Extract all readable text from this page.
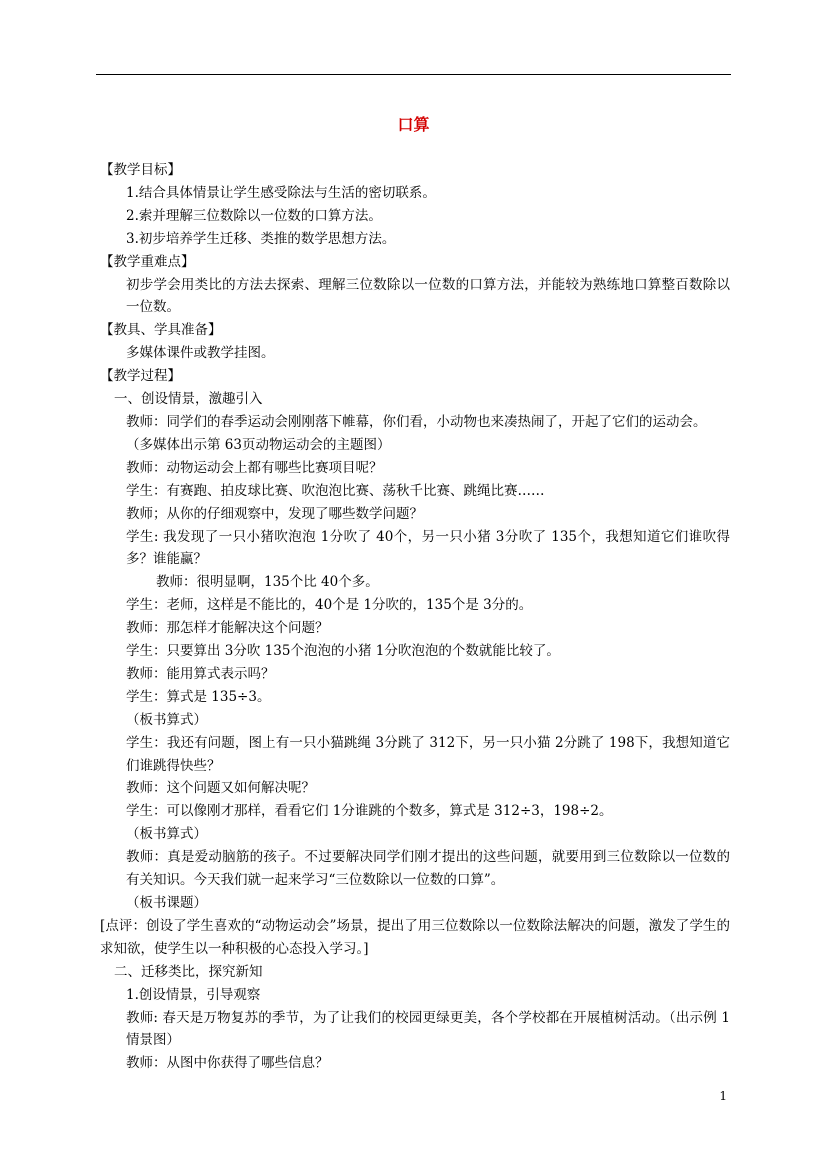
口算
【教学目标】
1.结合具体情景让学生感受除法与生活的密切联系。
2.索并理解三位数除以一位数的口算方法。
3.初步培养学生迁移、类推的数学思想方法。
【教学重难点】
初步学会用类比的方法去探索、理解三位数除以一位数的口算方法，并能较为熟练地口算整百数除以一位数。
【教具、学具准备】
多媒体课件或教学挂图。
【教学过程】
一、创设情景，激趣引入
教师：同学们的春季运动会刚刚落下帷幕，你们看，小动物也来凑热闹了，开起了它们的运动会。
（多媒体出示第 63页动物运动会的主题图）
教师：动物运动会上都有哪些比赛项目呢？
学生：有赛跑、拍皮球比赛、吹泡泡比赛、荡秋千比赛、跳绳比赛……
教师；从你的仔细观察中，发现了哪些数学问题？
学生: 我发现了一只小猪吹泡泡 1分吹了 40个，另一只小猪 3分吹了 135个，我想知道它们谁吹得多？谁能赢？
教师：很明显啊，135个比 40个多。
学生：老师，这样是不能比的，40个是 1分吹的，135个是 3分的。
教师：那怎样才能解决这个问题？
学生：只要算出 3分吹 135个泡泡的小猪 1分吹泡泡的个数就能比较了。
教师：能用算式表示吗？
学生：算式是 135÷3。
（板书算式）
学生：我还有问题，图上有一只小猫跳绳 3分跳了 312下，另一只小猫 2分跳了 198下，我想知道它们谁跳得快些？
教师：这个问题又如何解决呢？
学生：可以像刚才那样，看看它们 1分谁跳的个数多，算式是 312÷3，198÷2。
（板书算式）
教师：真是爱动脑筋的孩子。不过要解决同学们刚才提出的这些问题，就要用到三位数除以一位数的有关知识。今天我们就一起来学习“三位数除以一位数的口算”。
（板书课题）
[点评：创设了学生喜欢的“动物运动会”场景，提出了用三位数除以一位数除法解决的问题，激发了学生的求知欲，使学生以一种积极的心态投入学习。]
二、迁移类比，探究新知
1.创设情景，引导观察
教师: 春天是万物复苏的季节，为了让我们的校园更绿更美，各个学校都在开展植树活动。（出示例 1情景图）
教师：从图中你获得了哪些信息？
1
